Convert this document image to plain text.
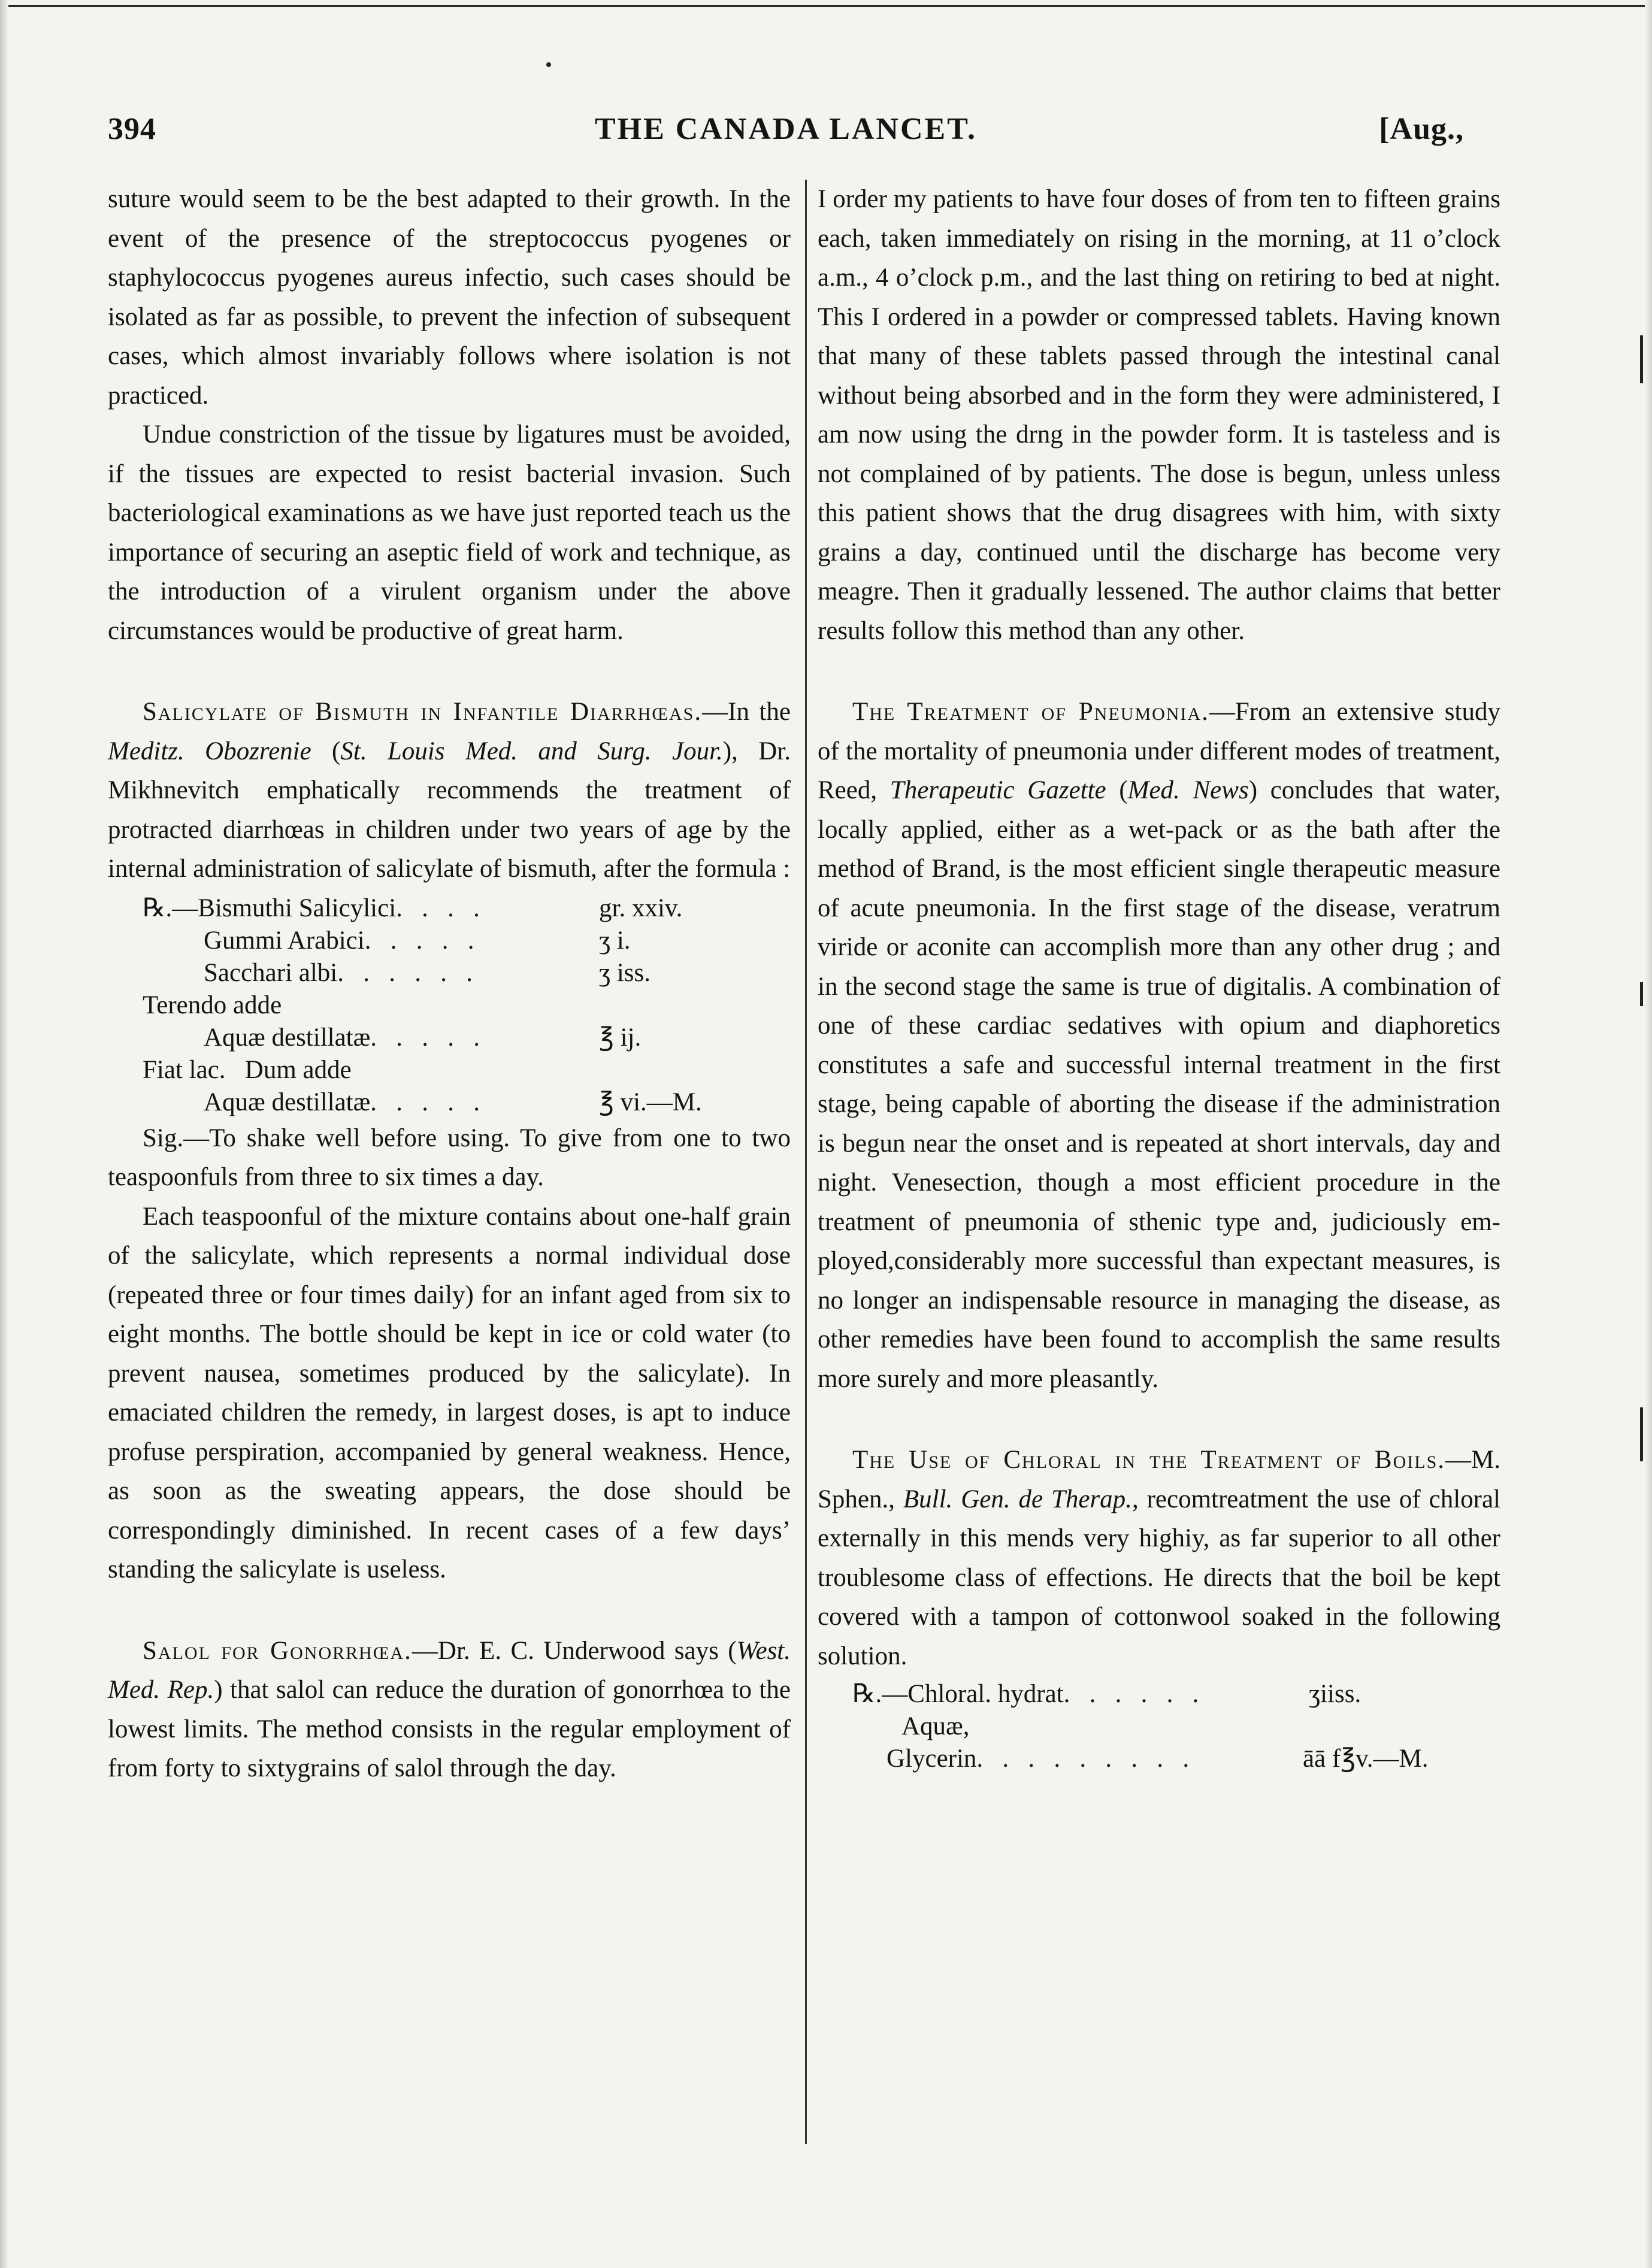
394	THE CANADA LANCET.	[Aug.,

suture would seem to be the best adapted to their growth. In the event of the presence of the streptococcus pyogenes or staphylococcus pyogenes aureus infectio, such cases should be isolated as far as possible, to prevent the infection of subsequent cases, which almost invariably follows where isolation is not practiced.

Undue constriction of the tissue by ligatures must be avoided, if the tissues are expected to resist bacterial invasion. Such bacteriological examinations as we have just reported teach us the importance of securing an aseptic field of work and technique, as the introduction of a virulent organism under the above circumstances would be productive of great harm.

Salicylate of Bismuth in Infantile Diarrhœas.—In the Meditz. Obozrenie (St. Louis Med. and Surg. Jour.), Dr. Mikhnevitch emphatically recommends the treatment of protracted diarrhœas in children under two years of age by the internal administration of salicylate of bismuth, after the formula :

℞.—Bismuthi Salicylici.   .   .   .	gr. xxiv.
Gummi Arabici.   .   .   .   .	ʒ i.
Sacchari albi.   .   .   .   .   .	ʒ iss.
Terendo adde
Aquæ destillatæ.   .   .   .   .	℥ ij.
Fiat lac.   Dum adde
Aquæ destillatæ.   .   .   .   .	℥ vi.—M.

Sig.—To shake well before using. To give from one to two teaspoonfuls from three to six times a day.

Each teaspoonful of the mixture contains about one-half grain of the salicylate, which represents a normal individual dose (repeated three or four times daily) for an infant aged from six to eight months. The bottle should be kept in ice or cold water (to prevent nausea, sometimes produced by the salicylate). In emaciated children the remedy, in largest doses, is apt to induce profuse perspiration, accompanied by general weakness. Hence, as soon as the sweating appears, the dose should be correspondingly diminished. In recent cases of a few days’ standing the salicylate is useless.

Salol for Gonorrhœa.—Dr. E. C. Underwood says (West. Med. Rep.) that salol can reduce the duration of gonorrhœa to the lowest limits. The method consists in the regular employment of from forty to sixtygrains of salol through the day.

I order my patients to have four doses of from ten to fifteen grains each, taken immediately on rising in the morning, at 11 o’clock a.m., 4 o’clock p.m., and the last thing on retiring to bed at night. This I ordered in a powder or compressed tablets. Having known that many of these tablets passed through the intestinal canal without being absorbed and in the form they were administered, I am now using the drng in the powder form. It is tasteless and is not complained of by patients. The dose is begun, unless unless this patient shows that the drug disagrees with him, with sixty grains a day, continued until the discharge has become very meagre. Then it gradually lessened. The author claims that better results follow this method than any other.

The Treatment of Pneumonia.—From an extensive study of the mortality of pneumonia under different modes of treatment, Reed, Therapeutic Gazette (Med. News) concludes that water, locally applied, either as a wet-pack or as the bath after the method of Brand, is the most efficient single therapeutic measure of acute pneumonia. In the first stage of the disease, veratrum viride or aconite can accomplish more than any other drug ; and in the second stage the same is true of digitalis. A combination of one of these cardiac sedatives with opium and diaphoretics constitutes a safe and successful internal treatment in the first stage, being capable of aborting the disease if the administration is begun near the onset and is repeated at short intervals, day and night. Venesection, though a most efficient procedure in the treatment of pneumonia of sthenic type and, judiciously employed,considerably more successful than expectant measures, is no longer an indispensable resource in managing the disease, as other remedies have been found to accomplish the same results more surely and more pleasantly.

The Use of Chloral in the Treatment of Boils.—M. Sphen., Bull. Gen. de Therap., recomtreatment the use of chloral externally in this mends very highiy, as far superior to all other troublesome class of effections. He directs that the boil be kept covered with a tampon of cottonwool soaked in the following solution.

℞.—Chloral. hydrat.   .   .   .   .   .	ʒiiss.
Aquæ,
Glycerin.   .   .   .   .   .   .   .   .	āā f℥v.—M.
